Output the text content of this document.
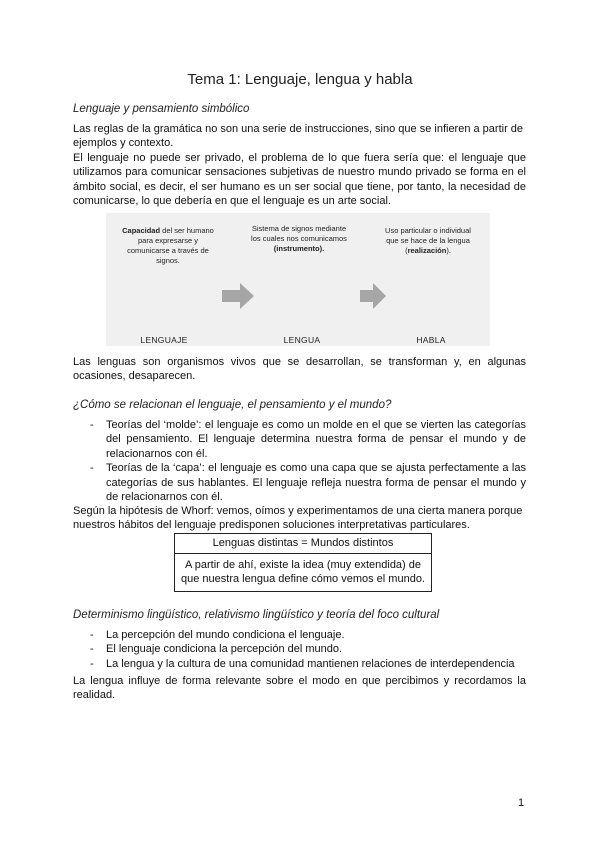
Tema 1: Lenguaje, lengua y habla
Lenguaje y pensamiento simbólico

Las reglas de la gramática no son una serie de instrucciones, sino que se infieren a partir de ejemplos y contexto.

El lenguaje no puede ser privado, el problema de lo que fuera sería que: el lenguaje que utilizamos para comunicar sensaciones subjetivas de nuestro mundo privado se forma en el ámbito social, es decir, el ser humano es un ser social que tiene, por tanto, la necesidad de comunicarse, lo que debería en que el lenguaje es un arte social.

Capacidad del ser humano para expresarse y comunicarse a través de signos.
Sistema de signos mediante los cuales nos comunicamos (instrumento).
Uso particular o individual que se hace de la lengua (realización).
LENGUAJE	LENGUA	HABLA

Las lenguas son organismos vivos que se desarrollan, se transforman y, en algunas ocasiones, desaparecen.

¿Cómo se relacionan el lenguaje, el pensamiento y el mundo?
- Teorías del ‘molde’: el lenguaje es como un molde en el que se vierten las categorías del pensamiento. El lenguaje determina nuestra forma de pensar el mundo y de relacionarnos con él.
- Teorías de la ‘capa’: el lenguaje es como una capa que se ajusta perfectamente a las categorías de sus hablantes. El lenguaje refleja nuestra forma de pensar el mundo y de relacionarnos con él.

Según la hipótesis de Whorf: vemos, oímos y experimentamos de una cierta manera porque nuestros hábitos del lenguaje predisponen soluciones interpretativas particulares.

Lenguas distintas = Mundos distintos
A partir de ahí, existe la idea (muy extendida) de que nuestra lengua define cómo vemos el mundo.
Determinismo lingüístico, relativismo lingüístico y teoría del foco cultural
- La percepción del mundo condiciona el lenguaje.
- El lenguaje condiciona la percepción del mundo.
- La lengua y la cultura de una comunidad mantienen relaciones de interdependencia

La lengua influye de forma relevante sobre el modo en que percibimos y recordamos la realidad.

1
